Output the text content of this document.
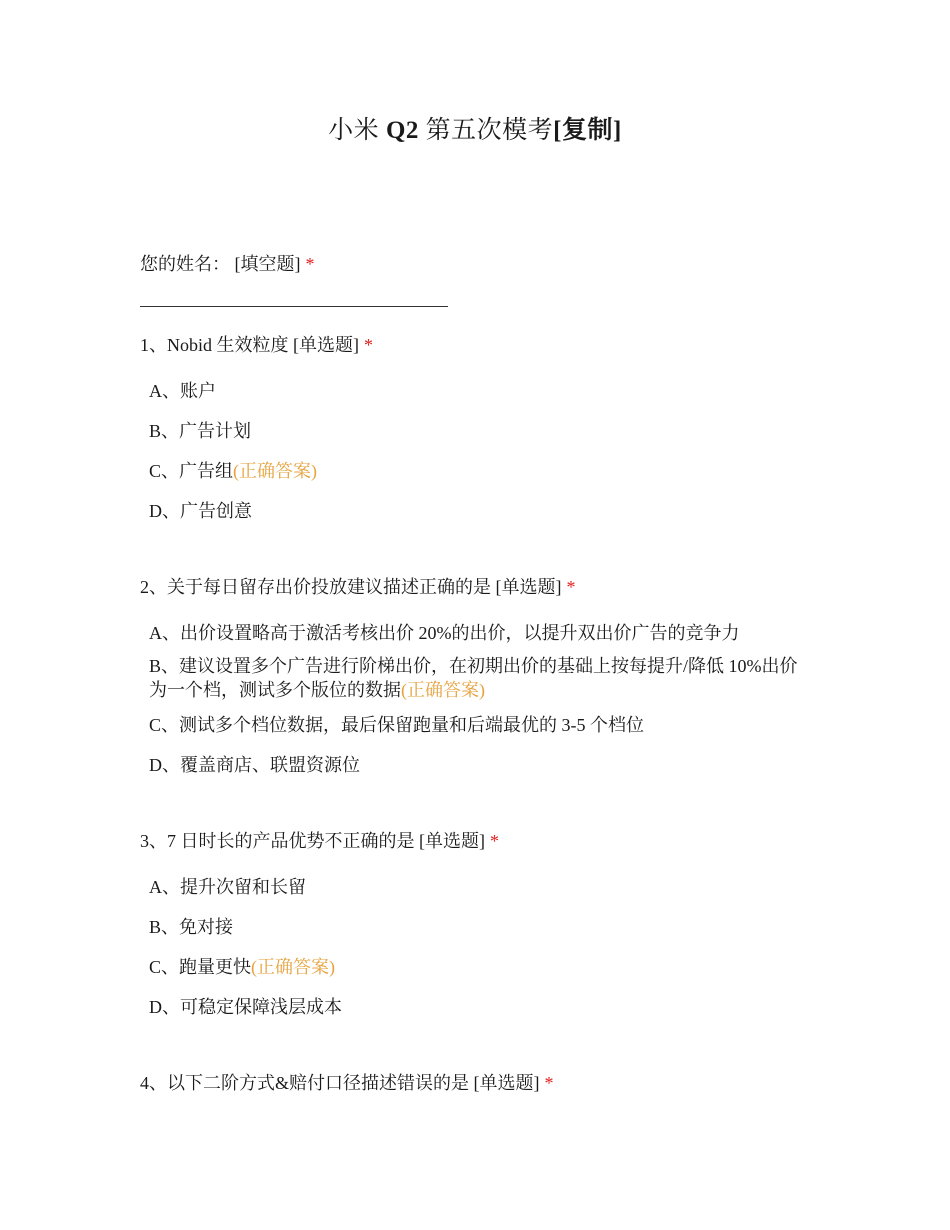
小米 Q2 第五次模考[复制]
您的姓名： [填空题] *
1、Nobid 生效粒度 [单选题] *
A、账户
B、广告计划
C、广告组(正确答案)
D、广告创意
2、关于每日留存出价投放建议描述正确的是 [单选题] *
A、出价设置略高于激活考核出价 20%的出价，以提升双出价广告的竞争力
B、建议设置多个广告进行阶梯出价，在初期出价的基础上按每提升/降低 10%出价为一个档，测试多个版位的数据(正确答案)
C、测试多个档位数据，最后保留跑量和后端最优的 3-5 个档位
D、覆盖商店、联盟资源位
3、7 日时长的产品优势不正确的是 [单选题] *
A、提升次留和长留
B、免对接
C、跑量更快(正确答案)
D、可稳定保障浅层成本
4、以下二阶方式&赔付口径描述错误的是 [单选题] *
